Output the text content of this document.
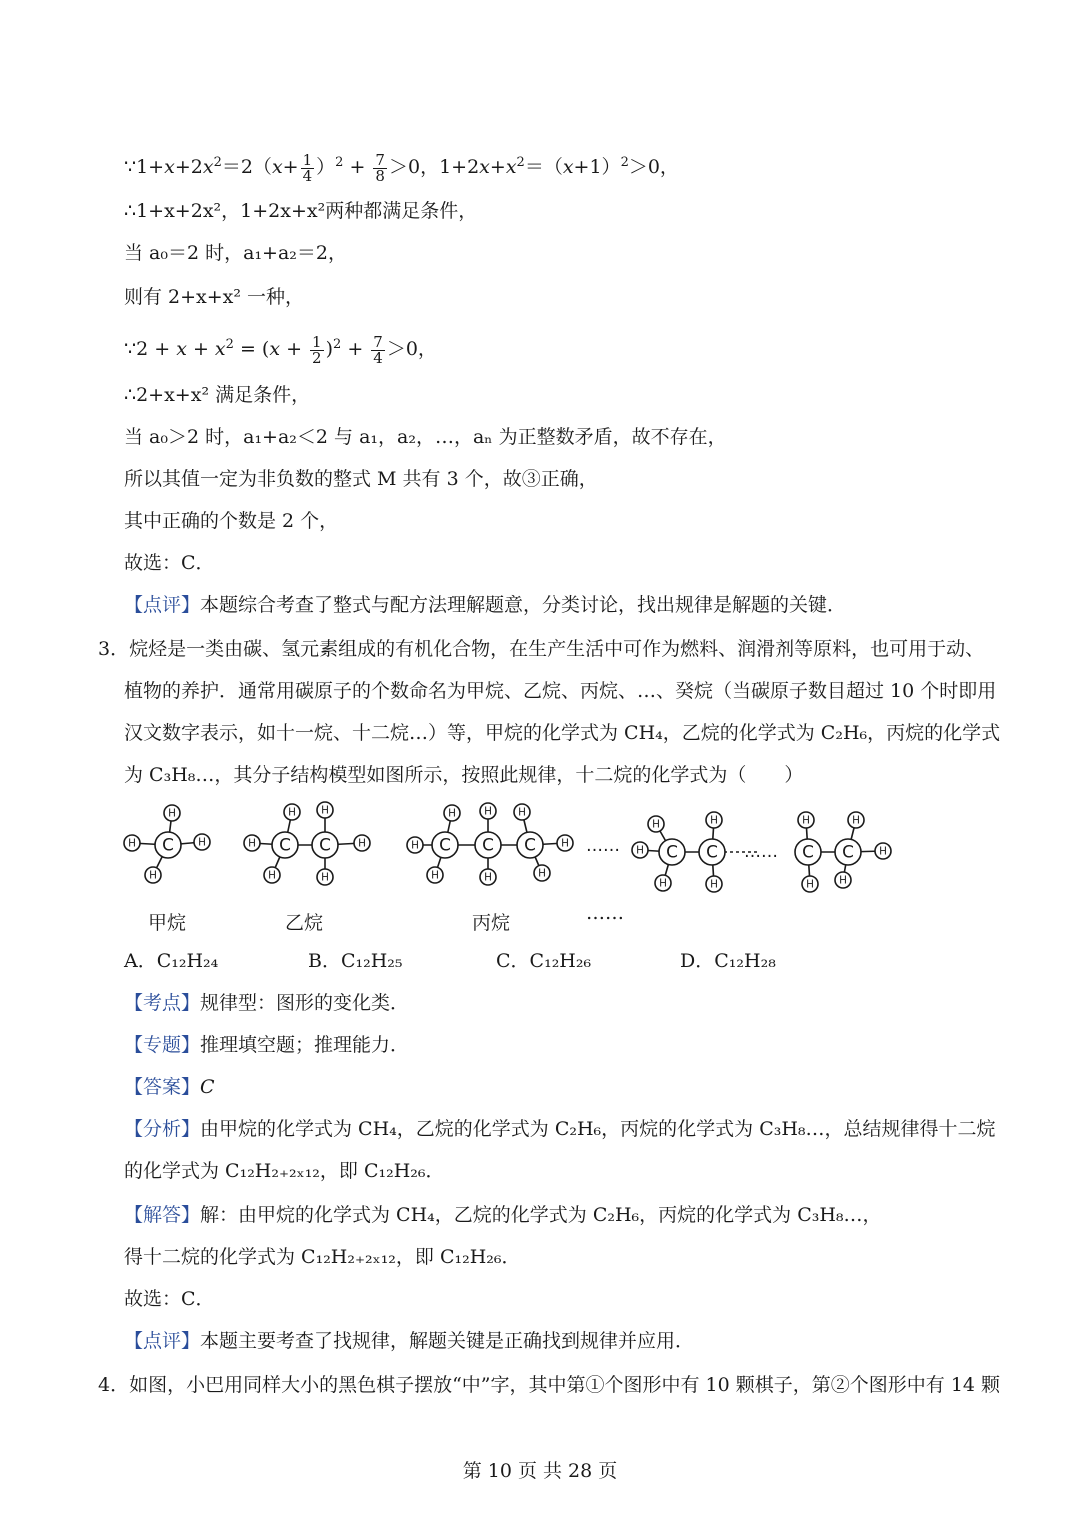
$\because 1+x+2x^2=2(x+ \frac{1}{4} )^2 + \frac{7}{8} >0$，$1+2x+x^2=(x+1)^2>0$，
∴1+x+2x²，1+2x+x²两种都满足条件，
当 a₀＝2 时，a₁+a₂＝2，
则有 2+x+x² 一种，
∵2 + $x + x^2 = (x + \frac{1}{2} )^2 + \frac{7}{4} >0$，
∴2+x+x² 满足条件，
当 a₀＞2 时，a₁+a₂＜2 与 a₁，a₂，…，aₙ 为正整数矛盾，故不存在，
所以其值一定为非负数的整式 M 共有 3 个，故③正确，
其中正确的个数是 2 个，
故选：C．
【点评】本题综合考查了整式与配方法理解题意，分类讨论，找出规律是解题的关键．
3．烷烃是一类由碳、氢元素组成的有机化合物，在生产生活中可作为燃料、润滑剂等原料，也可用于动、
植物的养护．通常用碳原子的个数命名为甲烷、乙烷、丙烷、…、癸烷（当碳原子数目超过 10 个时即用
汉文数字表示，如十一烷、十二烷…）等，甲烷的化学式为 CH₄，乙烷的化学式为 C₂H₆，丙烷的化学式
为 C₃H₈…，其分子结构模型如图所示，按照此规律，十二烷的化学式为（　　）
C	C C	C C C	C C	C C
H
H	H
H
H
H
H
H
H
H
H
H
H
H
H
H
H
H
H
H
H
H
H
H
H
H
H
H
……	……
甲烷	乙烷	丙烷	……
A．C₁₂H₂₄	B．C₁₂H₂₅	C．C₁₂H₂₆	D．C₁₂H₂₈
【考点】规律型：图形的变化类．
【专题】推理填空题；推理能力．
【答案】C
【分析】由甲烷的化学式为 CH₄，乙烷的化学式为 C₂H₆，丙烷的化学式为 C₃H₈…，总结规律得十二烷
的化学式为 C₁₂H₂₊₂ₓ₁₂，即 C₁₂H₂₆．
【解答】解：由甲烷的化学式为 CH₄，乙烷的化学式为 C₂H₆，丙烷的化学式为 C₃H₈…，
得十二烷的化学式为 C₁₂H₂₊₂ₓ₁₂，即 C₁₂H₂₆．
故选：C．
【点评】本题主要考查了找规律，解题关键是正确找到规律并应用．
4．如图，小巴用同样大小的黑色棋子摆放“中”字，其中第①个图形中有 10 颗棋子，第②个图形中有 14 颗
第 10 页 共 28 页
